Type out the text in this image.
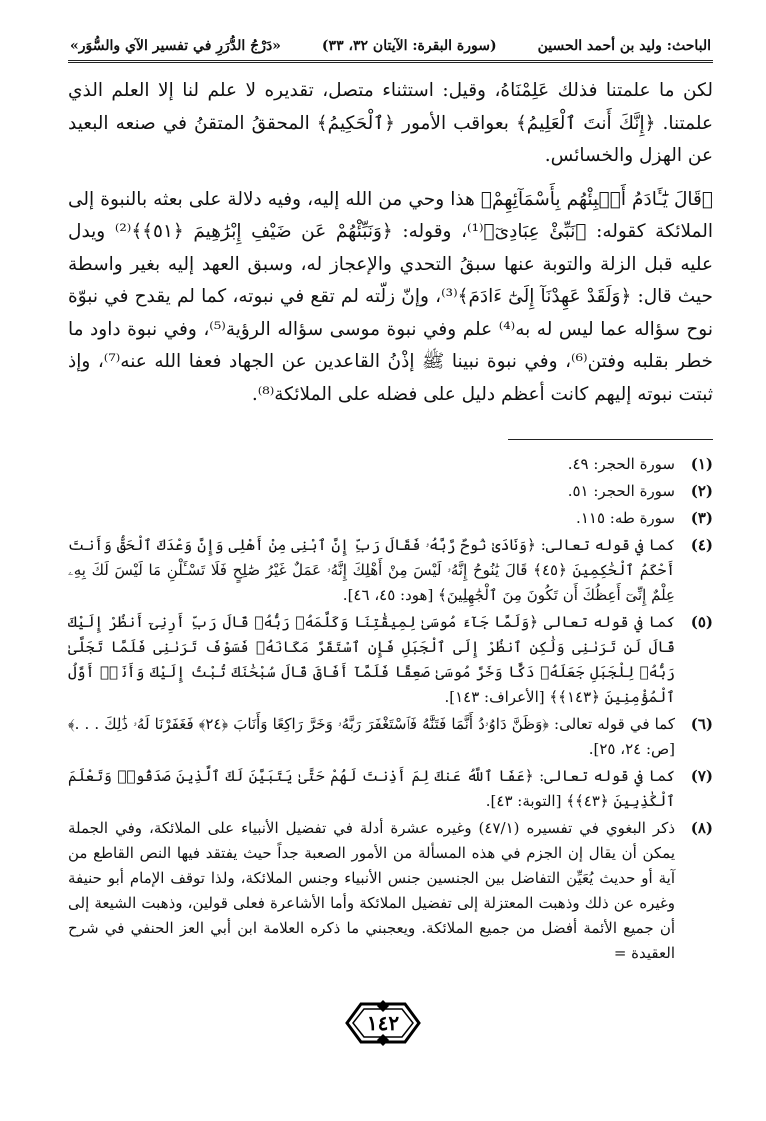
الباحث: وليد بن أحمد الحسين
(سورة البقرة: الآيتان ٣٢، ٣٣)
«دَرْجُ الدُّرَرِ في تفسير الآي والسُّوَر»

لكن ما علمتنا فذلك عَلِمْنَاهُ، وقيل: استثناء متصل، تقديره لا علم لنا إلا العلم الذي علمتنا. ﴿إِنَّكَ أَنتَ ٱلْعَلِيمُ﴾ بعواقب الأمور ﴿ٱلْحَكِيمُ﴾ المحققُ المتقنُ في صنعه البعيد عن الهزل والخسائس.

﴿قَالَ يَٰٓـَٔادَمُ أَنۢبِئْهُم بِأَسْمَآئِهِمْ﴾ هذا وحي من الله إليه، وفيه دلالة على بعثه بالنبوة إلى الملائكة كقوله: ﴿نَبِّئْ عِبَادِىٓ﴾⁽¹⁾، وقوله: ﴿وَنَبِّئْهُمْ عَن ضَيْفِ إِبْرَٰهِيمَ ﴿٥١﴾﴾⁽²⁾ ويدل عليه قبل الزلة والتوبة عنها سبقُ التحدي والإعجاز له، وسبق العهد إليه بغير واسطة حيث قال: ﴿وَلَقَدْ عَهِدْنَآ إِلَىٰٓ ءَادَمَ﴾⁽³⁾، وإنّ زلّته لم تقع في نبوته، كما لم يقدح في نبوّة نوح سؤاله عما ليس له به⁽⁴⁾ علم وفي نبوة موسى سؤاله الرؤية⁽⁵⁾، وفي نبوة داود ما خطر بقلبه وفتن⁽⁶⁾، وفي نبوة نبينا ﷺ إذْنُ القاعدين عن الجهاد فعفا الله عنه⁽⁷⁾، وإذ ثبتت نبوته إليهم كانت أعظم دليل على فضله على الملائكة⁽⁸⁾.

(١)
سورة الحجر: ٤٩.
(٢)
سورة الحجر: ٥١.
(٣)
سورة طه: ١١٥.
(٤)
كما في قوله تعالى: ﴿وَنَادَىٰ نُوحٌ رَّبَّهُۥ فَقَالَ رَبِّ إِنَّ ٱبْنِى مِنْ أَهْلِى وَإِنَّ وَعْدَكَ ٱلْحَقُّ وَأَنتَ أَحْكَمُ ٱلْحَٰكِمِينَ ﴿٤٥﴾ قَالَ يَٰنُوحُ إِنَّهُۥ لَيْسَ مِنْ أَهْلِكَ إِنَّهُۥ عَمَلٌ غَيْرُ صَٰلِحٍ فَلَا تَسْـَٔلْنِ مَا لَيْسَ لَكَ بِهِۦ عِلْمٌ إِنِّىٓ أَعِظُكَ أَن تَكُونَ مِنَ ٱلْجَٰهِلِينَ﴾ [هود: ٤٥، ٤٦].
(٥)
كما في قوله تعالى ﴿وَلَمَّا جَآءَ مُوسَىٰ لِمِيقَٰتِنَا وَكَلَّمَهُۥ رَبُّهُۥ قَالَ رَبِّ أَرِنِىٓ أَنظُرْ إِلَيْكَ قَالَ لَن تَرَىٰنِى وَلَٰكِنِ ٱنظُرْ إِلَى ٱلْجَبَلِ فَإِنِ ٱسْتَقَرَّ مَكَانَهُۥ فَسَوْفَ تَرَىٰنِى فَلَمَّا تَجَلَّىٰ رَبُّهُۥ لِلْجَبَلِ جَعَلَهُۥ دَكًّا وَخَرَّ مُوسَىٰ صَعِقًا فَلَمَّآ أَفَاقَ قَالَ سُبْحَٰنَكَ تُبْتُ إِلَيْكَ وَأَنَا۠ أَوَّلُ ٱلْمُؤْمِنِينَ ﴿١٤٣﴾﴾ [الأعراف: ١٤٣].
(٦)
كما في قوله تعالى: ﴿وَظَنَّ دَاوُۥدُ أَنَّمَا فَتَنَّٰهُ فَٱسْتَغْفَرَ رَبَّهُۥ وَخَرَّ رَاكِعًا وَأَنَابَ ﴿٢٤﴾ فَغَفَرْنَا لَهُۥ ذَٰلِكَ . . .﴾ [ص: ٢٤، ٢٥].
(٧)
كما في قوله تعالى: ﴿عَفَا ٱللَّهُ عَنكَ لِمَ أَذِنتَ لَهُمْ حَتَّىٰ يَتَبَيَّنَ لَكَ ٱلَّذِينَ صَدَقُوا۟ وَتَعْلَمَ ٱلْكَٰذِبِينَ ﴿٤٣﴾﴾ [التوبة: ٤٣].
(٨)
ذكر البغوي في تفسيره (٤٧/١) وغيره عشرة أدلة في تفضيل الأنبياء على الملائكة، وفي الجملة يمكن أن يقال إن الجزم في هذه المسألة من الأمور الصعبة جداً حيث يفتقد فيها النص القاطع من آية أو حديث يُعَيِّن التفاضل بين الجنسين جنس الأنبياء وجنس الملائكة، ولذا توقف الإمام أبو حنيفة وغيره عن ذلك وذهبت المعتزلة إلى تفضيل الملائكة وأما الأشاعرة فعلى قولين، وذهبت الشيعة إلى أن جميع الأئمة أفضل من جميع الملائكة. ويعجبني ما ذكره العلامة ابن أبي العز الحنفي في شرح العقيدة =
١٤٢
